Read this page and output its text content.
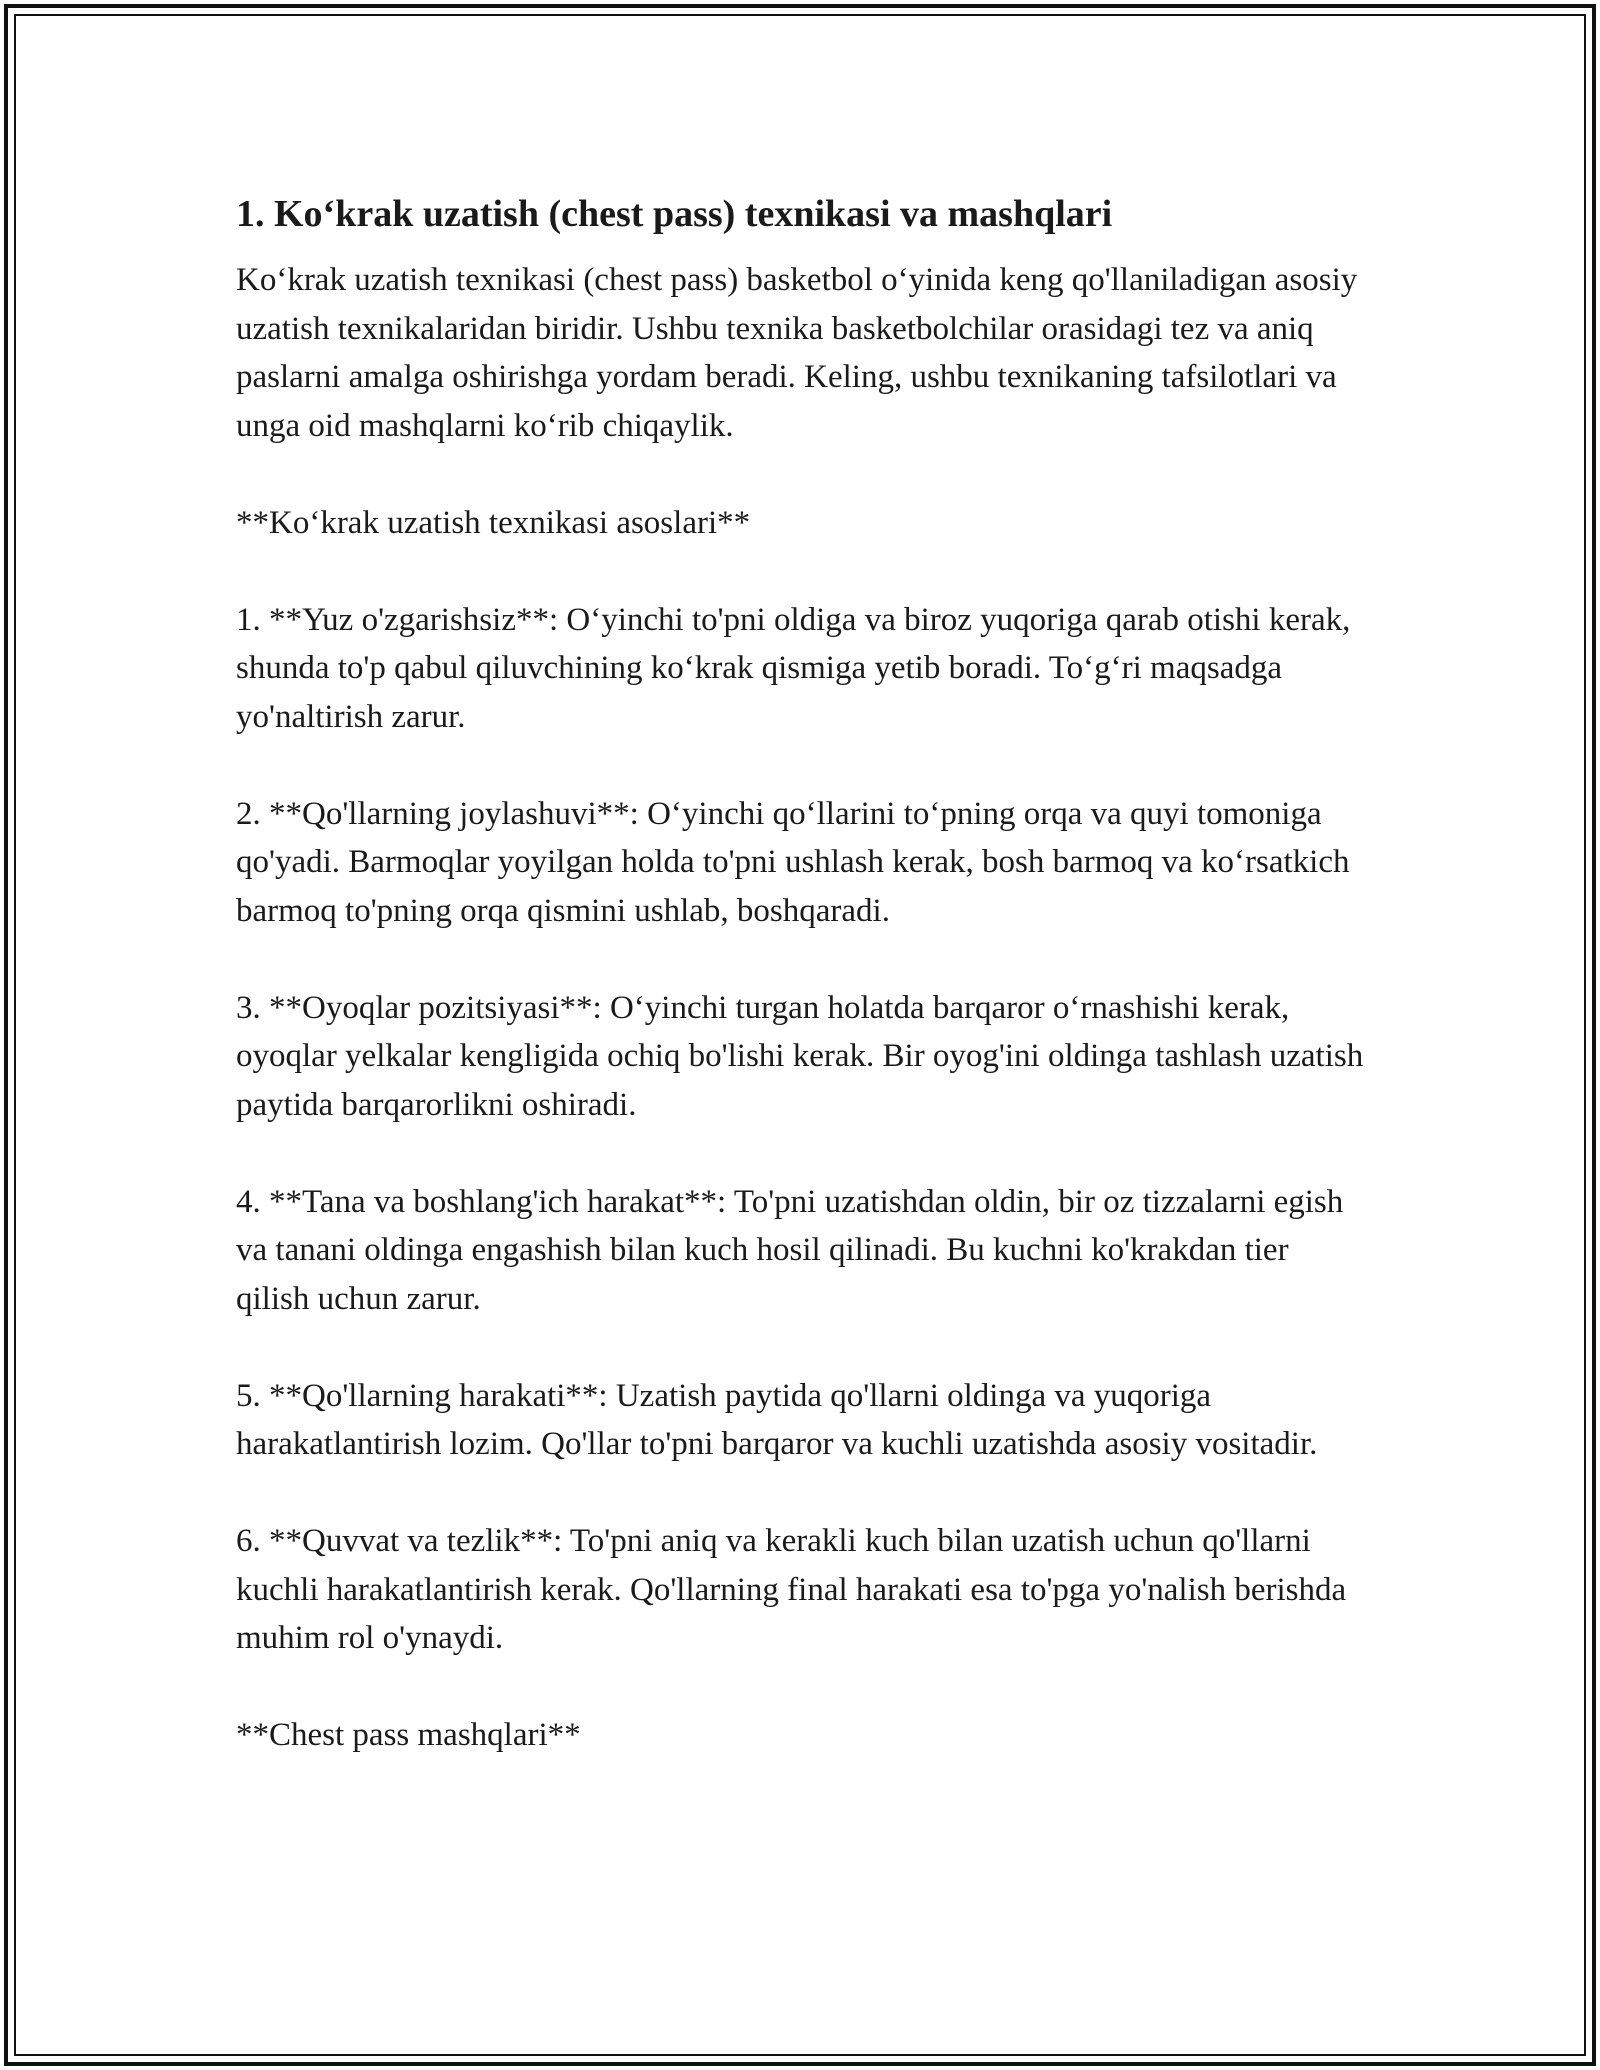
1. Ko‘krak uzatish (chest pass) texnikasi va mashqlari

Ko‘krak uzatish texnikasi (chest pass) basketbol o‘yinida keng qo'llaniladigan asosiy uzatish texnikalaridan biridir. Ushbu texnika basketbolchilar orasidagi tez va aniq paslarni amalga oshirishga yordam beradi. Keling, ushbu texnikaning tafsilotlari va unga oid mashqlarni ko‘rib chiqaylik.

**Ko‘krak uzatish texnikasi asoslari**

1. **Yuz o'zgarishsiz**: O‘yinchi to'pni oldiga va biroz yuqoriga qarab otishi kerak, shunda to'p qabul qiluvchining ko‘krak qismiga yetib boradi. To‘g‘ri maqsadga yo'naltirish zarur.

2. **Qo'llarning joylashuvi**: O‘yinchi qo‘llarini to‘pning orqa va quyi tomoniga qo'yadi. Barmoqlar yoyilgan holda to'pni ushlash kerak, bosh barmoq va ko‘rsatkich barmoq to'pning orqa qismini ushlab, boshqaradi.

3. **Oyoqlar pozitsiyasi**: O‘yinchi turgan holatda barqaror o‘rnashishi kerak, oyoqlar yelkalar kengligida ochiq bo'lishi kerak. Bir oyog'ini oldinga tashlash uzatish paytida barqarorlikni oshiradi.

4. **Tana va boshlang'ich harakat**: To'pni uzatishdan oldin, bir oz tizzalarni egish va tanani oldinga engashish bilan kuch hosil qilinadi. Bu kuchni ko'krakdan tier qilish uchun zarur.

5. **Qo'llarning harakati**: Uzatish paytida qo'llarni oldinga va yuqoriga harakatlantirish lozim. Qo'llar to'pni barqaror va kuchli uzatishda asosiy vositadir.

6. **Quvvat va tezlik**: To'pni aniq va kerakli kuch bilan uzatish uchun qo'llarni kuchli harakatlantirish kerak. Qo'llarning final harakati esa to'pga yo'nalish berishda muhim rol o'ynaydi.

**Chest pass mashqlari**
